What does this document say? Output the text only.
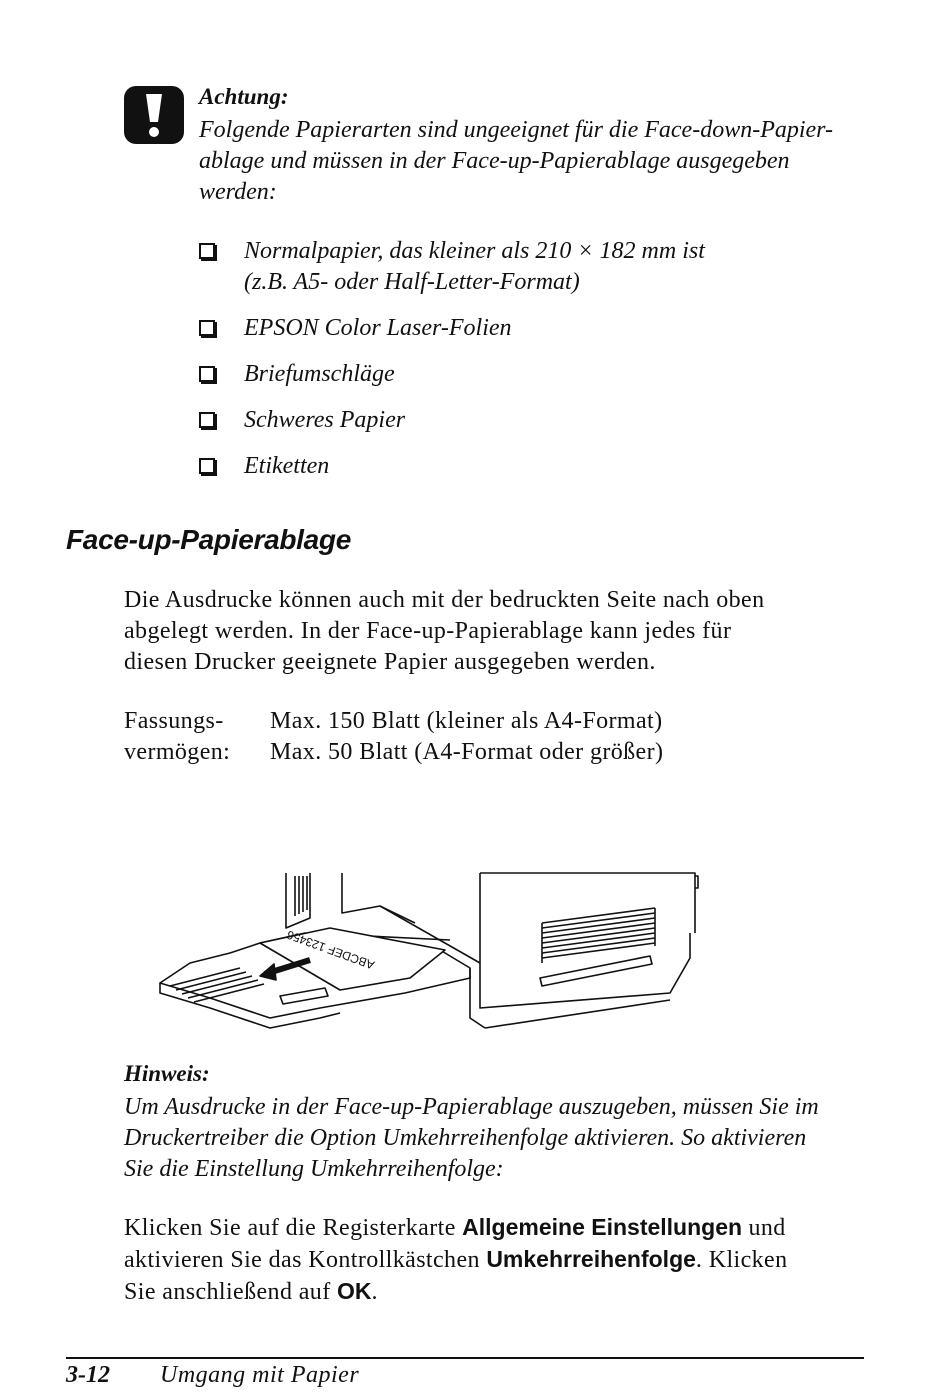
Achtung:
Folgende Papierarten sind ungeeignet für die Face-down-Papier-
ablage und müssen in der Face-up-Papierablage ausgegeben
werden:
Normalpapier, das kleiner als 210 × 182 mm ist
(z.B. A5- oder Half-Letter-Format)
EPSON Color Laser-Folien
Briefumschläge
Schweres Papier
Etiketten
Face-up-Papierablage
Die Ausdrucke können auch mit der bedruckten Seite nach oben
abgelegt werden. In der Face-up-Papierablage kann jedes für
diesen Drucker geeignete Papier ausgegeben werden.
Fassungs-
vermögen:
Max. 150 Blatt (kleiner als A4-Format)
Max. 50 Blatt (A4-Format oder größer)
ABCDEF 123456
Hinweis:
Um Ausdrucke in der Face-up-Papierablage auszugeben, müssen Sie im
Druckertreiber die Option Umkehrreihenfolge aktivieren. So aktivieren
Sie die Einstellung Umkehrreihenfolge:
Klicken Sie auf die Registerkarte Allgemeine Einstellungen und
aktivieren Sie das Kontrollkästchen Umkehrreihenfolge. Klicken
Sie anschließend auf OK.
3-12 Umgang mit Papier
